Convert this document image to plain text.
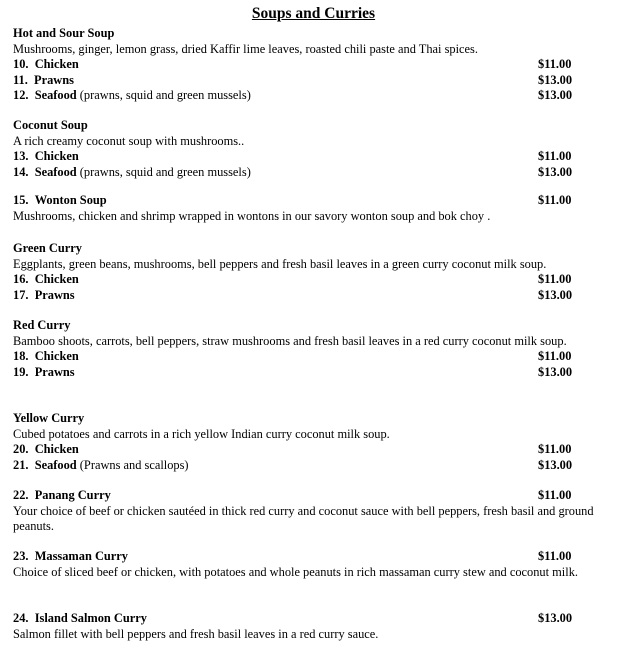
Soups and Curries
Hot and Sour Soup
Mushrooms, ginger, lemon grass, dried Kaffir lime leaves, roasted chili paste and Thai spices.
10. Chicken	$11.00
11. Prawns	$13.00
12. Seafood (prawns, squid and green mussels)	$13.00
Coconut Soup
A rich creamy coconut soup with mushrooms..
13. Chicken	$11.00
14. Seafood (prawns, squid and green mussels)	$13.00
15. Wonton Soup	$11.00
Mushrooms, chicken and shrimp wrapped in wontons in our savory wonton soup and bok choy .
Green Curry
Eggplants, green beans, mushrooms, bell peppers and fresh basil leaves in a green curry coconut milk soup.
16. Chicken	$11.00
17. Prawns	$13.00
Red Curry
Bamboo shoots, carrots, bell peppers, straw mushrooms and fresh basil leaves in a red curry coconut milk soup.
18. Chicken	$11.00
19. Prawns	$13.00
Yellow Curry
Cubed potatoes and carrots in a rich yellow Indian curry coconut milk soup.
20. Chicken	$11.00
21. Seafood (Prawns and scallops)	$13.00
22. Panang Curry	$11.00
Your choice of beef or chicken sautéed in thick red curry and coconut sauce with bell peppers, fresh basil and ground peanuts.
23. Massaman Curry	$11.00
Choice of sliced beef or chicken, with potatoes and whole peanuts in rich massaman curry stew and coconut milk.
24. Island Salmon Curry	$13.00
Salmon fillet with bell peppers and fresh basil leaves in a red curry sauce.
